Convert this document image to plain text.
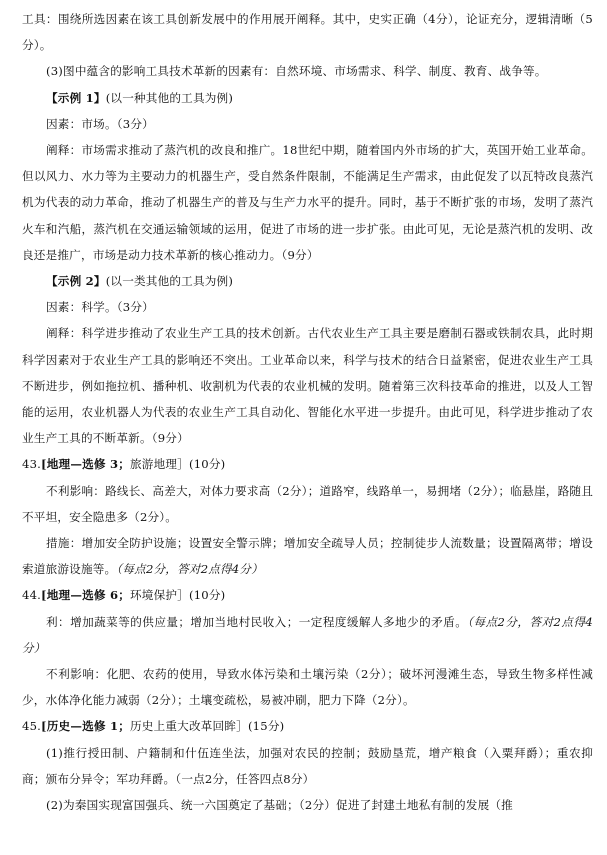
工具：围绕所选因素在该工具创新发展中的作用展开阐释。其中，史实正确（4分），论证充分，逻辑清晰（5分）。

(3)图中蕴含的影响工具技术革新的因素有：自然环境、市场需求、科学、制度、教育、战争等。

【示例 1】(以一种其他的工具为例)

因素：市场。（3分）

阐释：市场需求推动了蒸汽机的改良和推广。18世纪中期，随着国内外市场的扩大，英国开始工业革命。但以风力、水力等为主要动力的机器生产，受自然条件限制，不能满足生产需求，由此促发了以瓦特改良蒸汽机为代表的动力革命，推动了机器生产的普及与生产力水平的提升。同时，基于不断扩张的市场，发明了蒸汽火车和汽船，蒸汽机在交通运输领域的运用，促进了市场的进一步扩张。由此可见，无论是蒸汽机的发明、改良还是推广，市场是动力技术革新的核心推动力。（9分）

【示例 2】(以一类其他的工具为例)

因素：科学。（3分）

阐释：科学进步推动了农业生产工具的技术创新。古代农业生产工具主要是磨制石器或铁制农具，此时期科学因素对于农业生产工具的影响还不突出。工业革命以来，科学与技术的结合日益紧密，促进农业生产工具不断进步，例如拖拉机、播种机、收割机为代表的农业机械的发明。随着第三次科技革命的推进，以及人工智能的运用，农业机器人为代表的农业生产工具自动化、智能化水平进一步提升。由此可见，科学进步推动了农业生产工具的不断革新。（9分）

43.[地理—选修 3；旅游地理］(10分)

不利影响：路线长、高差大，对体力要求高（2分）；道路窄，线路单一，易拥堵（2分）；临悬崖，路随且不平坦，安全隐患多（2分）。

措施：增加安全防护设施；设置安全警示牌；增加安全疏导人员；控制徒步人流数量；设置隔离带；增设索道旅游设施等。（每点2分，答对2点得4分）

44.[地理—选修 6；环境保护］(10分)

利：增加蔬菜等的供应量；增加当地村民收入；一定程度缓解人多地少的矛盾。（每点2分，答对2点得4分）

不利影响：化肥、农药的使用，导致水体污染和土壤污染（2分）；破坏河漫滩生态，导致生物多样性减少，水体净化能力减弱（2分）；土壤变疏松，易被冲刷，肥力下降（2分）。

45.[历史—选修 1；历史上重大改革回眸］(15分)

(1)推行授田制、户籍制和什伍连坐法，加强对农民的控制；鼓励垦荒，增产粮食（入粟拜爵）；重农抑商；颁布分异令；军功拜爵。（一点2分，任答四点8分）

(2)为秦国实现富国强兵、统一六国奠定了基础；（2分）促进了封建土地私有制的发展（推
